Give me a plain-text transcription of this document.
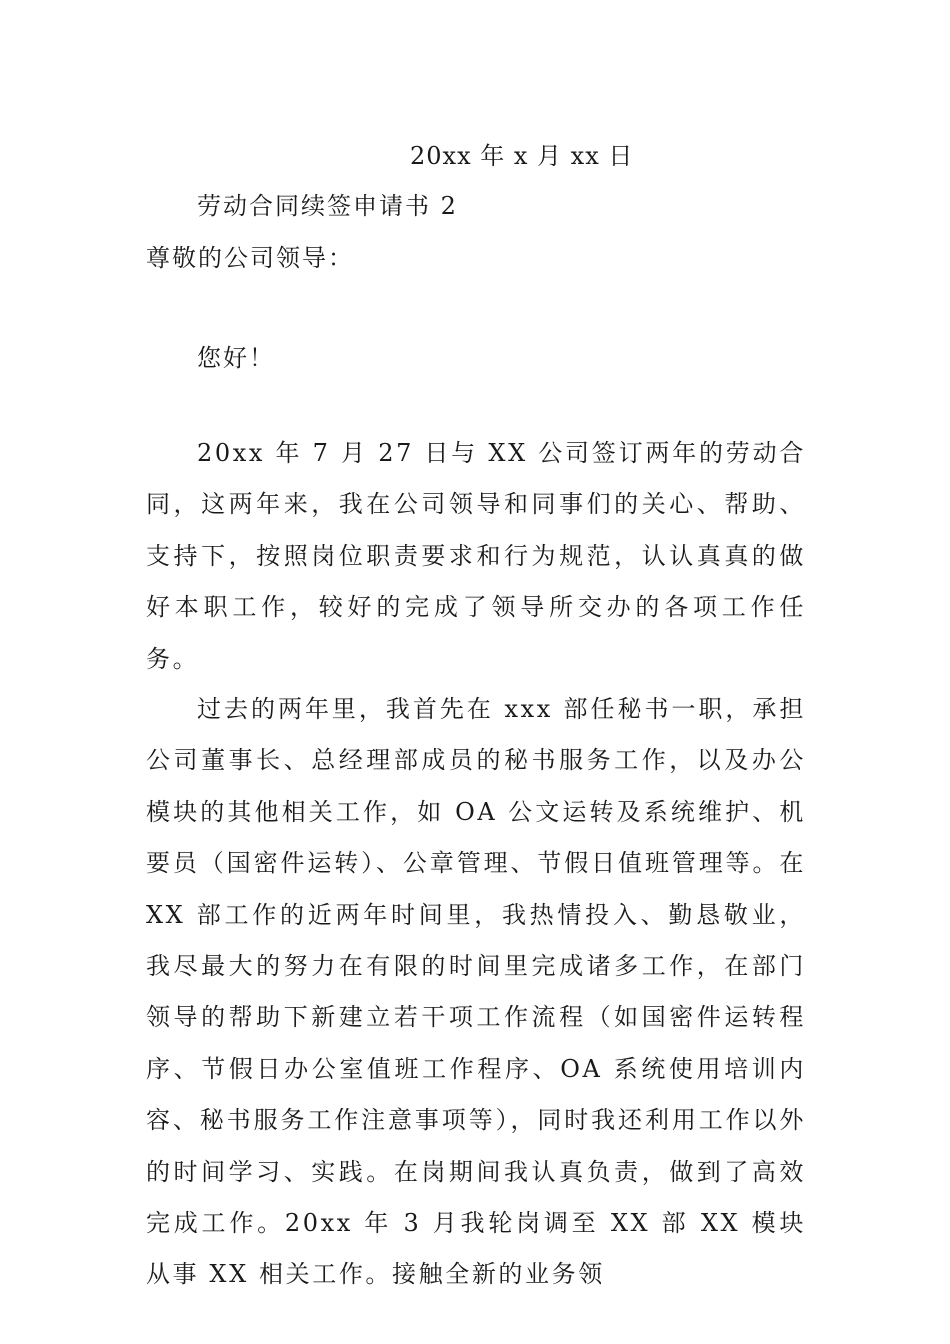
20xx 年 x 月 xx 日
劳动合同续签申请书 2
尊敬的公司领导：
您好！

20xx 年 7 月 27 日与 XX 公司签订两年的劳动合同，这两年来，我在公司领导和同事们的关心、帮助、支持下，按照岗位职责要求和行为规范，认认真真的做好本职工作，较好的完成了领导所交办的各项工作任务。

过去的两年里，我首先在 xxx 部任秘书一职，承担公司董事长、总经理部成员的秘书服务工作，以及办公模块的其他相关工作，如 OA 公文运转及系统维护、机要员（国密件运转）、公章管理、节假日值班管理等。在 XX 部工作的近两年时间里，我热情投入、勤恳敬业，我尽最大的努力在有限的时间里完成诸多工作，在部门领导的帮助下新建立若干项工作流程（如国密件运转程序、节假日办公室值班工作程序、OA 系统使用培训内容、秘书服务工作注意事项等），同时我还利用工作以外的时间学习、实践。在岗期间我认真负责，做到了高效完成工作。20xx 年 3 月我轮岗调至 XX 部 XX 模块从事 XX 相关工作。接触全新的业务领
